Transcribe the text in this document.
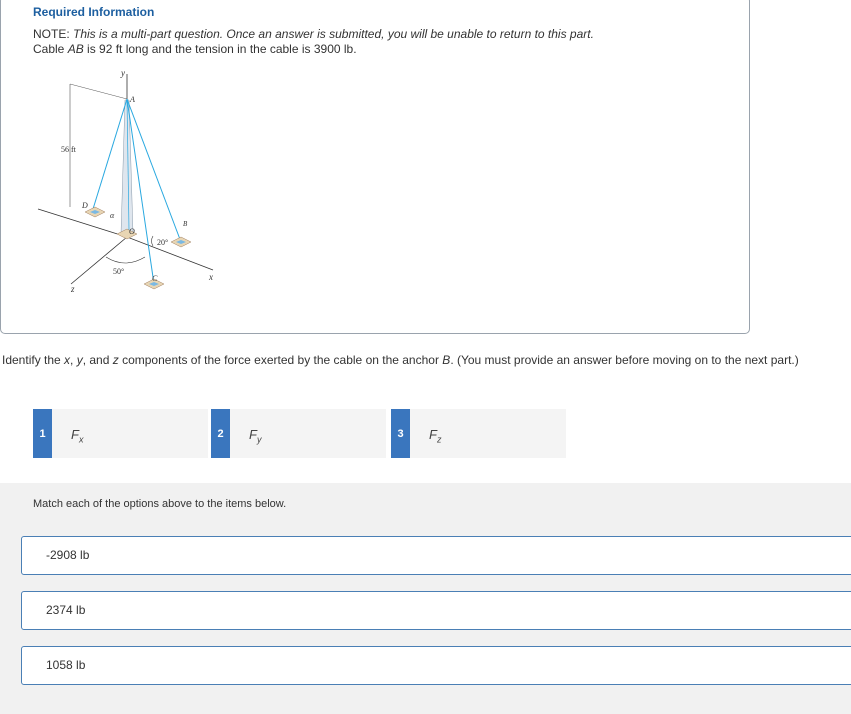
Required Information
NOTE: This is a multi-part question. Once an answer is submitted, you will be unable to return to this part.
Cable AB is 92 ft long and the tension in the cable is 3900 lb.
y
56 ft
x
z
A
D
α
O
B
20°
C
50°
Identify the x, y, and z components of the force exerted by the cable on the anchor B. (You must provide an answer before moving on to the next part.)
1	$F_x$
2	$F_y$
3	$F_z$
Match each of the options above to the items below.
-2908 lb
2374 lb
1058 lb
